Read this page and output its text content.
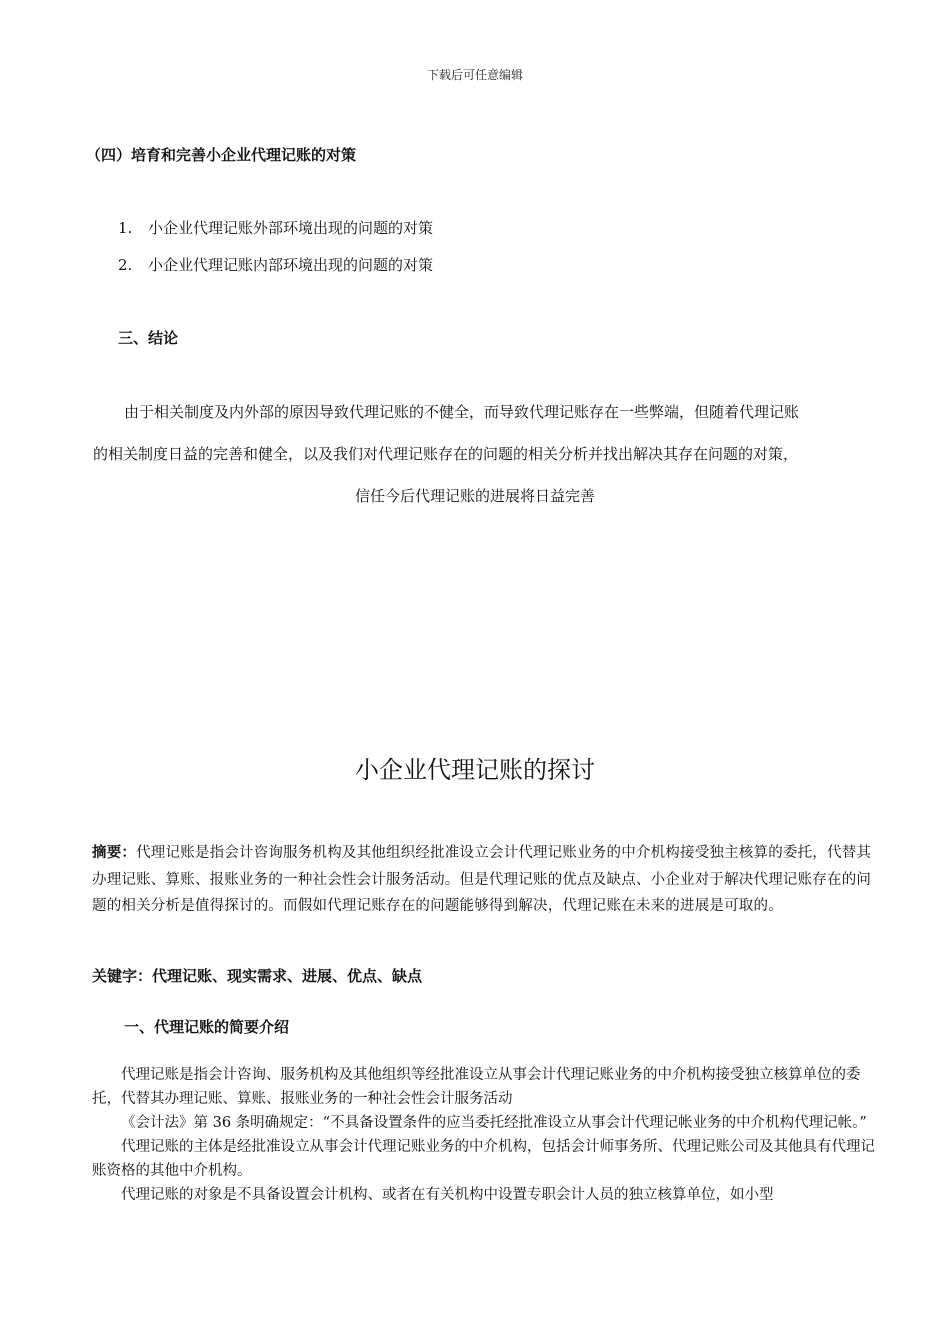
下载后可任意编辑
（四）培育和完善小企业代理记账的对策
1. 小企业代理记账外部环境出现的问题的对策
2. 小企业代理记账内部环境出现的问题的对策
三、结论
由于相关制度及内外部的原因导致代理记账的不健全，而导致代理记账存在一些弊端，但随着代理记账
的相关制度日益的完善和健全，以及我们对代理记账存在的问题的相关分析并找出解决其存在问题的对策，
信任今后代理记账的进展将日益完善
小企业代理记账的探讨
摘要：代理记账是指会计咨询服务机构及其他组织经批准设立会计代理记账业务的中介机构接受独主核算的委托，代替其办理记账、算账、报账业务的一种社会性会计服务活动。但是代理记账的优点及缺点、小企业对于解决代理记账存在的问题的相关分析是值得探讨的。而假如代理记账存在的问题能够得到解决，代理记账在未来的进展是可取的。
关键字：代理记账、现实需求、进展、优点、缺点
一、代理记账的简要介绍

代理记账是指会计咨询、服务机构及其他组织等经批准设立从事会计代理记账业务的中介机构接受独立核算单位的委托，代替其办理记账、算账、报账业务的一种社会性会计服务活动

《会计法》第 36 条明确规定：“不具备设置条件的应当委托经批准设立从事会计代理记帐业务的中介机构代理记帐。”

代理记账的主体是经批准设立从事会计代理记账业务的中介机构，包括会计师事务所、代理记账公司及其他具有代理记账资格的其他中介机构。

代理记账的对象是不具备设置会计机构、或者在有关机构中设置专职会计人员的独立核算单位，如小型
